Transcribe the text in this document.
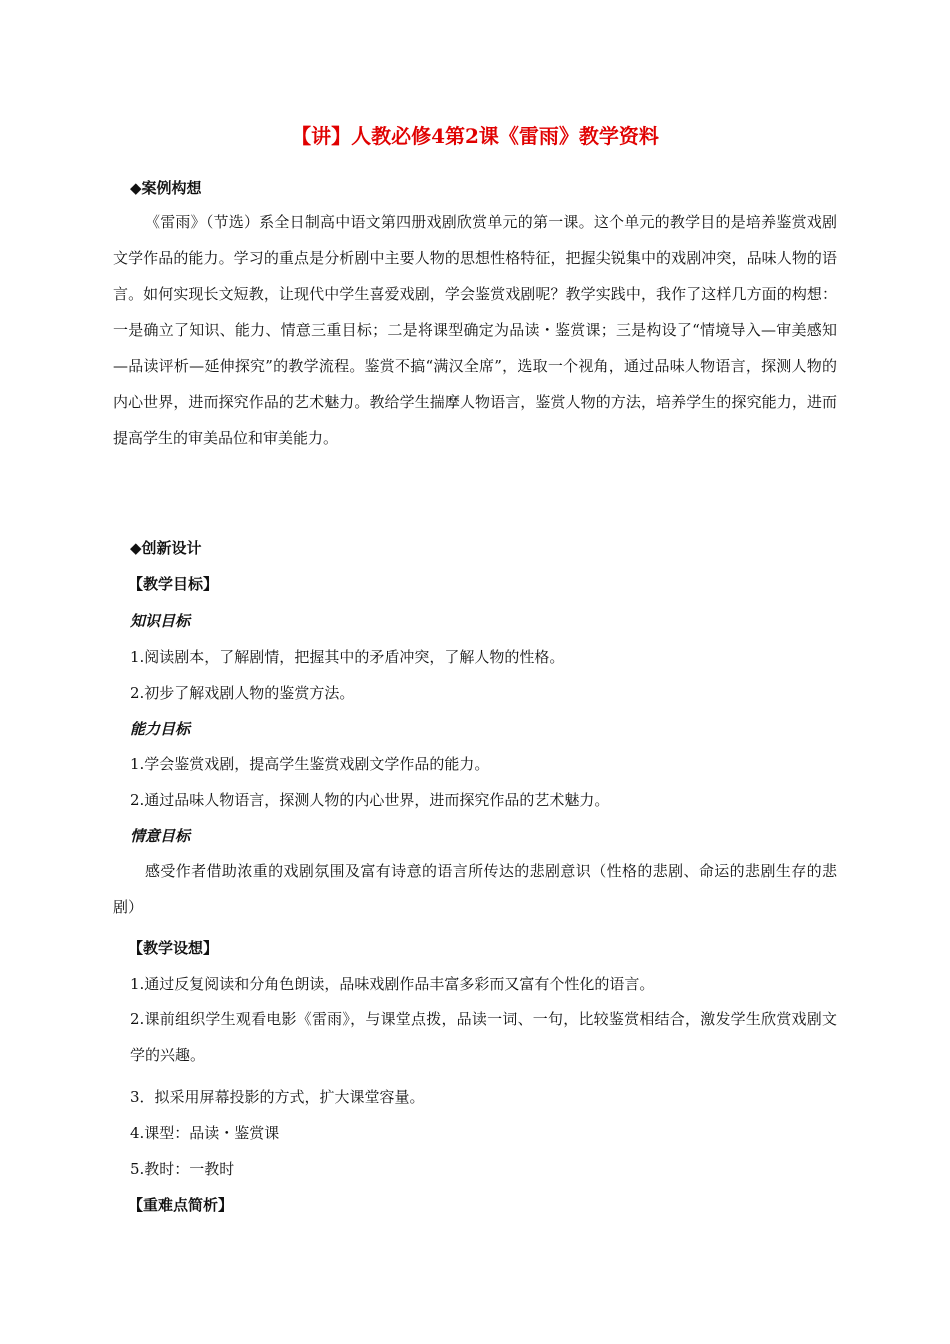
【讲】人教必修4第2课《雷雨》教学资料
◆案例构想
《雷雨》（节选）系全日制高中语文第四册戏剧欣赏单元的第一课。这个单元的教学目的是培养鉴赏戏剧文学作品的能力。学习的重点是分析剧中主要人物的思想性格特征，把握尖锐集中的戏剧冲突，品味人物的语言。如何实现长文短教，让现代中学生喜爱戏剧，学会鉴赏戏剧呢？教学实践中，我作了这样几方面的构想：一是确立了知识、能力、情意三重目标；二是将课型确定为品读・鉴赏课；三是构设了“情境导入—审美感知—品读评析—延伸探究”的教学流程。鉴赏不搞“满汉全席”，选取一个视角，通过品味人物语言，探测人物的内心世界，进而探究作品的艺术魅力。教给学生揣摩人物语言，鉴赏人物的方法，培养学生的探究能力，进而提高学生的审美品位和审美能力。
◆创新设计
【教学目标】
知识目标
1.阅读剧本，了解剧情，把握其中的矛盾冲突，了解人物的性格。
2.初步了解戏剧人物的鉴赏方法。
能力目标
1.学会鉴赏戏剧，提高学生鉴赏戏剧文学作品的能力。
2.通过品味人物语言，探测人物的内心世界，进而探究作品的艺术魅力。
情意目标
感受作者借助浓重的戏剧氛围及富有诗意的语言所传达的悲剧意识（性格的悲剧、命运的悲剧生存的悲剧）
【教学设想】
1.通过反复阅读和分角色朗读，品味戏剧作品丰富多彩而又富有个性化的语言。
2.课前组织学生观看电影《雷雨》，与课堂点拨，品读一词、一句，比较鉴赏相结合，激发学生欣赏戏剧文学的兴趣。
3．拟采用屏幕投影的方式，扩大课堂容量。
4.课型：品读・鉴赏课
5.教时：一教时
【重难点简析】
